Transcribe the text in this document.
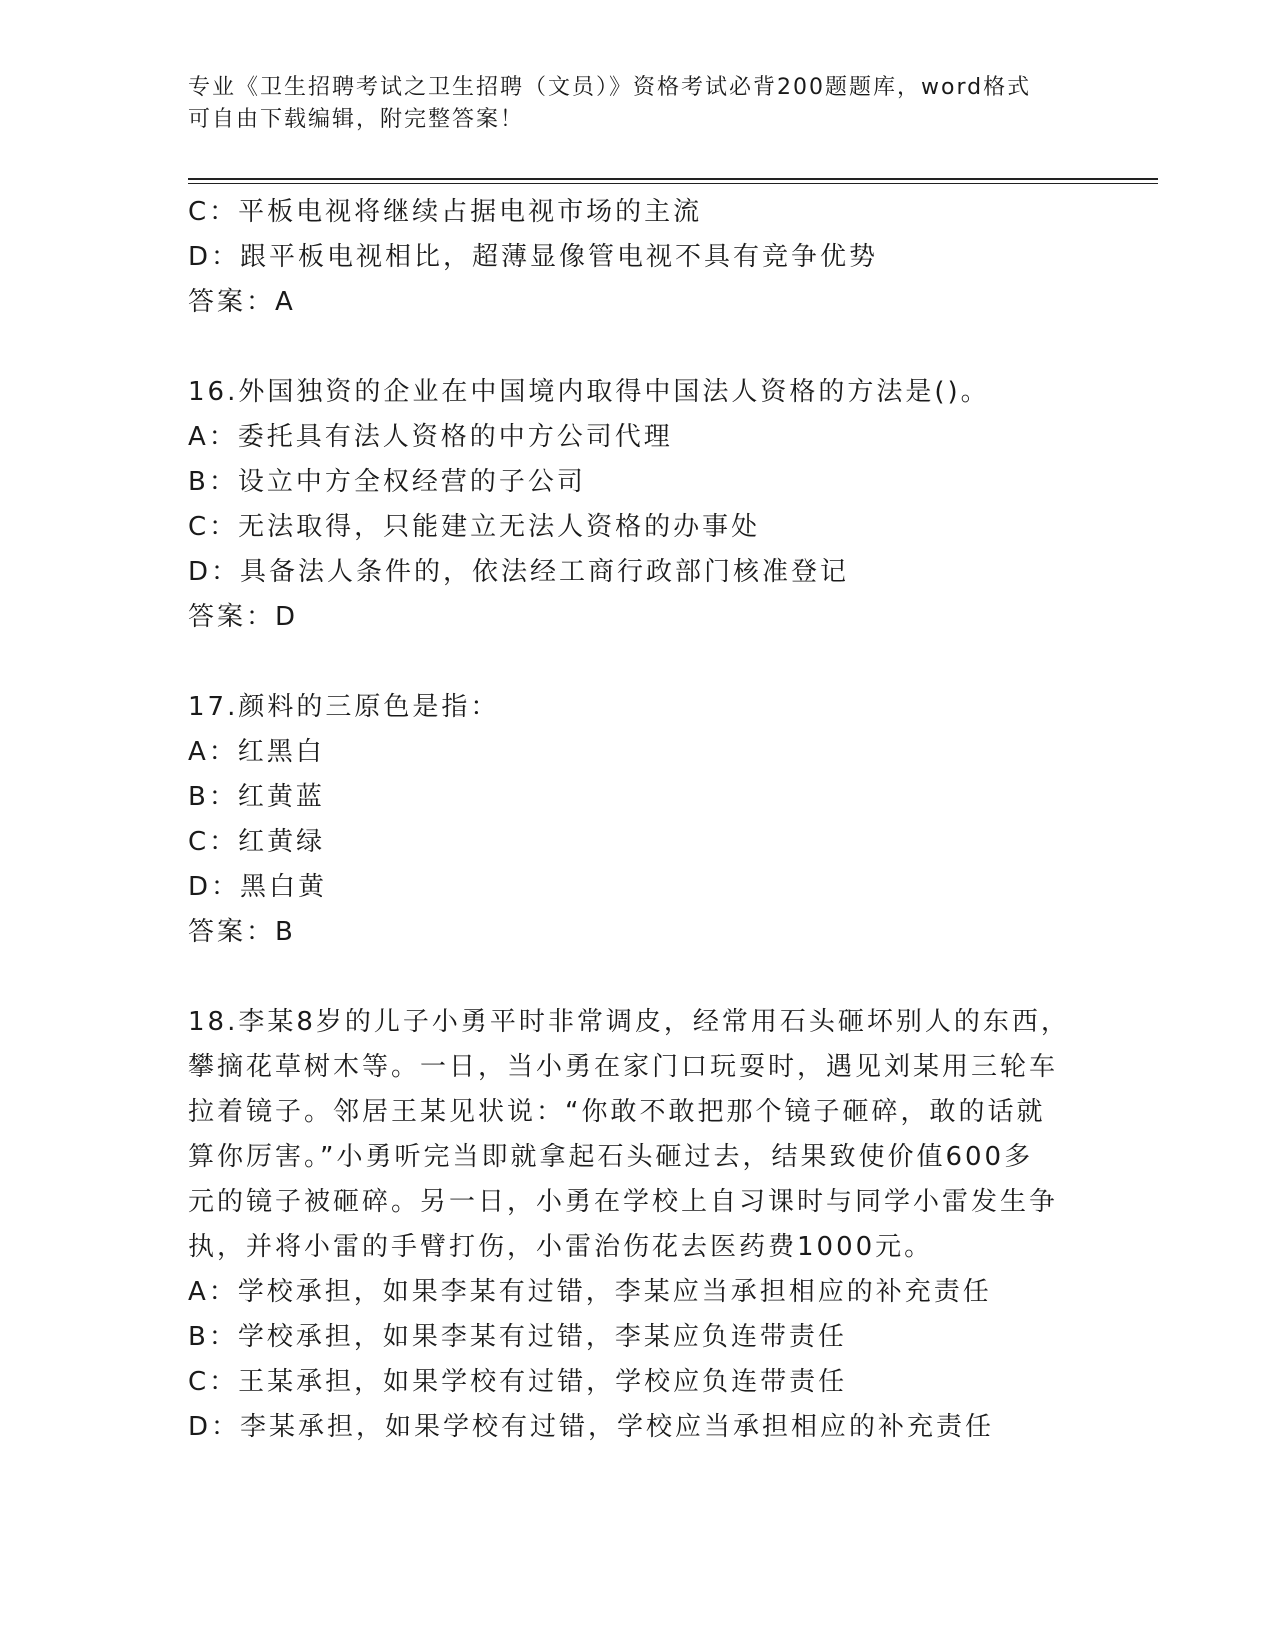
专业《卫生招聘考试之卫生招聘（文员）》资格考试必背200题题库，word格式
可自由下载编辑，附完整答案！
C：平板电视将继续占据电视市场的主流
D：跟平板电视相比，超薄显像管电视不具有竞争优势
答案：A
16.外国独资的企业在中国境内取得中国法人资格的方法是()。
A：委托具有法人资格的中方公司代理
B：设立中方全权经营的子公司
C：无法取得，只能建立无法人资格的办事处
D：具备法人条件的，依法经工商行政部门核准登记
答案：D
17.颜料的三原色是指：
A：红黑白
B：红黄蓝
C：红黄绿
D：黑白黄
答案：B
18.李某8岁的儿子小勇平时非常调皮，经常用石头砸坏别人的东西，
攀摘花草树木等。一日，当小勇在家门口玩耍时，遇见刘某用三轮车
拉着镜子。邻居王某见状说：“你敢不敢把那个镜子砸碎，敢的话就
算你厉害。”小勇听完当即就拿起石头砸过去，结果致使价值600多
元的镜子被砸碎。另一日，小勇在学校上自习课时与同学小雷发生争
执，并将小雷的手臂打伤，小雷治伤花去医药费1000元。
A：学校承担，如果李某有过错，李某应当承担相应的补充责任
B：学校承担，如果李某有过错，李某应负连带责任
C：王某承担，如果学校有过错，学校应负连带责任
D：李某承担，如果学校有过错，学校应当承担相应的补充责任
